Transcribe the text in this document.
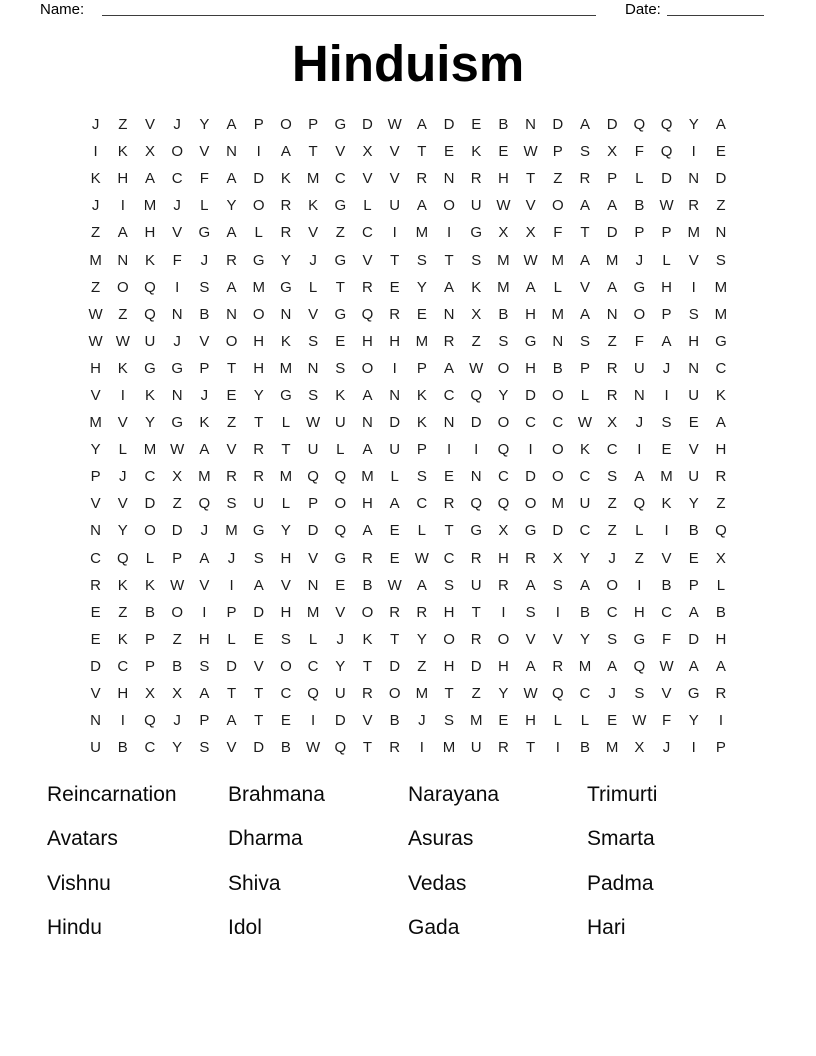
Name:	Date:
Hinduism
J	Z	V	J	Y	A	P	O	P	G	D W	A	D	E	B	N	D	A	D	Q	Q	Y	A
I	K	X	O	V	N	I	A	T	V	X	V	T	E	K	E	W	P	S	X	F	Q	I	E
K	H	A	C	F	A	D	K	M	C	V	V	R	N	R	H	T	Z	R	P	L	D	N	D
J	I	M	J	L	Y	O	R	K	G	L	U	A	O	U W	V	O	A	A	B	W R	Z
Z	A	H	V	G	A	L	R	V	Z	C	I	M	I	G	X	X	F	T	D	P	P	M	N
M	N	K	F	J	R	G	Y	J	G	V	T	S	T	S	M W M	A	M	J	L	V	S
Z	O	Q	I	S	A	M	G	L	T	R	E	Y	A	K	M	A	L	V	A	G	H	I	M
W	Z	Q	N	B	N	O	N	V	G	Q	R	E	N	X	B	H	M	A	N	O	P	S	M
W W U	J	V	O	H	K	S	E	H	H	M	R	Z	S	G	N	S	Z	F	A	H	G
H	K	G	G	P	T	H	M	N	S	O	I	P	A	W O	H	B	P	R	U	J	N	C
V	I	K	N	J	E	Y	G	S	K	A	N	K	C	Q	Y	D	O	L	R	N	I	U	K
M	V	Y	G	K	Z	T	L	W U	N	D	K	N	D	O	C	C W	X	J	S	E	A
Y	L	M W	A	V	R	T	U	L	A	U	P	I	I	Q	I	O	K	C	I	E	V	H
P	J	C	X	M	R	R	M	Q	Q	M	L	S	E	N	C	D	O	C	S	A	M	U	R
V	V	D	Z	Q	S	U	L	P	O	H	A	C	R	Q	Q	O	M	U	Z	Q	K	Y	Z
N	Y	O	D	J	M	G	Y	D	Q	A	E	L	T	G	X	G	D	C	Z	L	I	B	Q
C	Q	L	P	A	J	S	H	V	G	R	E	W C	R	H	R	X	Y	J	Z	V	E	X
R	K	K	W	V	I	A	V	N	E	B	W	A	S	U	R	A	S	A	O	I	B	P	L
E	Z	B	O	I	P	D	H	M	V	O	R	R	H	T	I	S	I	B	C	H	C	A	B
E	K	P	Z	H	L	E	S	L	J	K	T	Y	O	R	O	V	V	Y	S	G	F	D	H
D	C	P	B	S	D	V	O	C	Y	T	D	Z	H	D	H	A	R	M	A	Q W	A	A
V	H	X	X	A	T	T	C	Q	U	R	O	M	T	Z	Y	W Q	C	J	S	V	G	R
N	I	Q	J	P	A	T	E	I	D	V	B	J	S	M	E	H	L	L	E	W	F	Y	I
U	B	C	Y	S	V	D	B	W Q	T	R	I	M	U	R	T	I	B	M	X	J	I	P
Reincarnation	Brahmana	Narayana	Trimurti
Avatars	Dharma	Asuras	Smarta
Vishnu	Shiva	Vedas	Padma
Hindu	Idol	Gada	Hari
